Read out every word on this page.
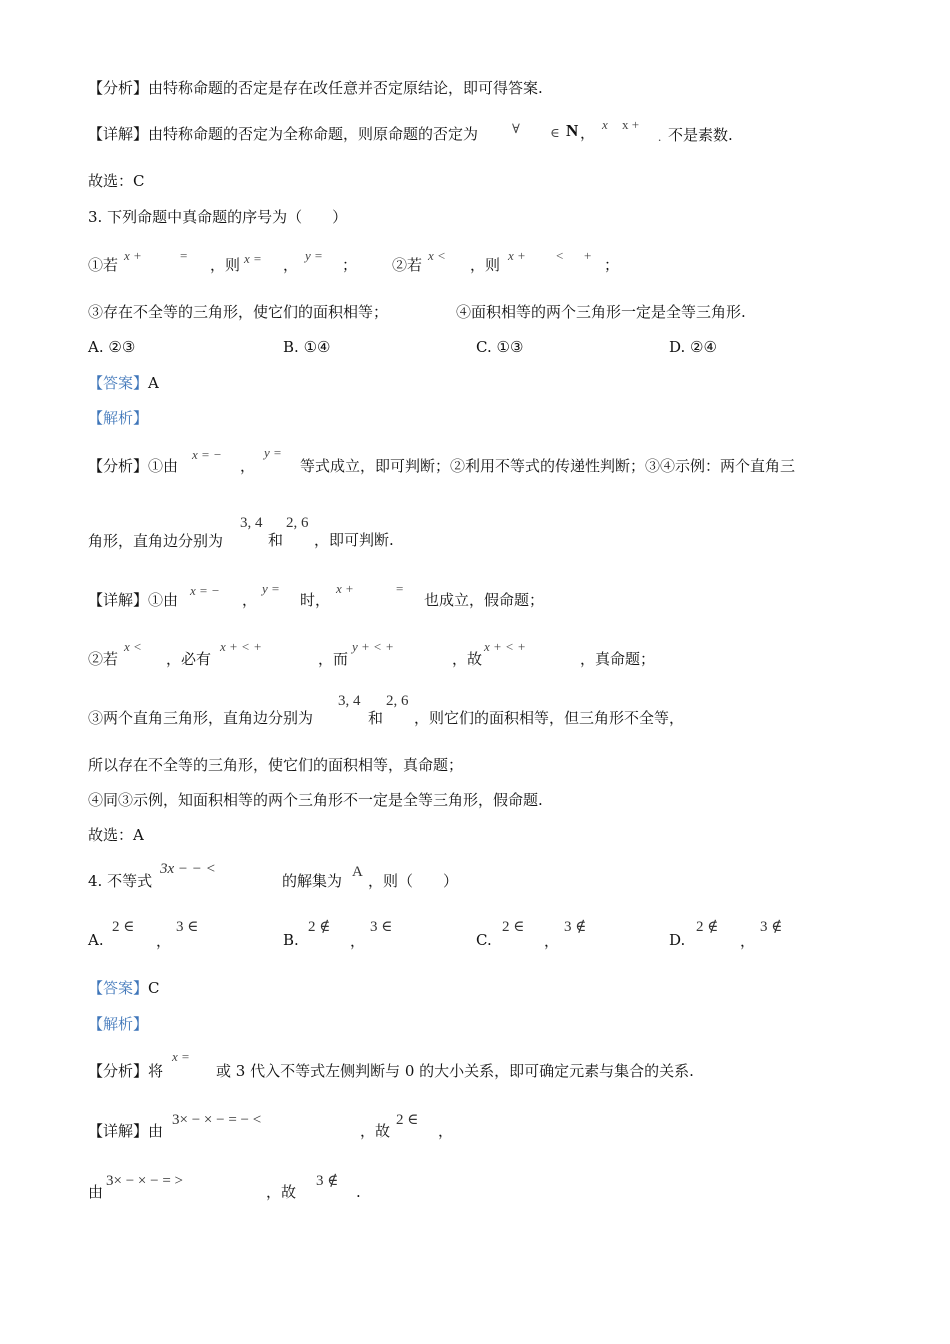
【分析】由特称命题的否定是存在改任意并否定原结论，即可得答案.
【详解】由特称命题的否定为全称命题，则原命题的否定为	∀ ∈ N ， x x +
. 不是素数.
故选：C
3. 下列命题中真命题的序号为（　　）
①若
x +	=
，则 x = ，
y =
； ②若
x <
，则
x + < +
；
③存在不全等的三角形，使它们的面积相等；	④面积相等的两个三角形一定是全等三角形.
A. ②③	B. ①④	C. ①③	D. ②④
【答案】A
【解析】
【分析】①由
x = −
，
y =
等式成立，即可判断；②利用不等式的传递性判断；③④示例：两个直角三
角形，直角边分别为
3, 4
和
2, 6
，即可判断.
【详解】①由
x = −
，
y =
时，
x +	=
也成立，假命题；
②若
x <
，必有
x + < +
，而
y + < +
，故
x + < +
，真命题；
③两个直角三角形，直角边分别为
3, 4
和
2, 6
，则它们的面积相等，但三角形不全等，
所以存在不全等的三角形，使它们的面积相等，真命题；
④同③示例，知面积相等的两个三角形不一定是全等三角形，假命题.
故选：A
4. 不等式
3x − − <
的解集为 A ，则（　　）
A.
2 ∈
，
3 ∈
B.
2 ∉
，
3 ∈
C.
2 ∈
，
3 ∉
D.
2 ∉
，
3 ∉
【答案】C
【解析】
【分析】将
x =
或 3 代入不等式左侧判断与 0 的大小关系，即可确定元素与集合的关系.
【详解】由
3× − × − = − <
，故
2 ∈
，
由
3× − × − = >
，故
3 ∉
.
